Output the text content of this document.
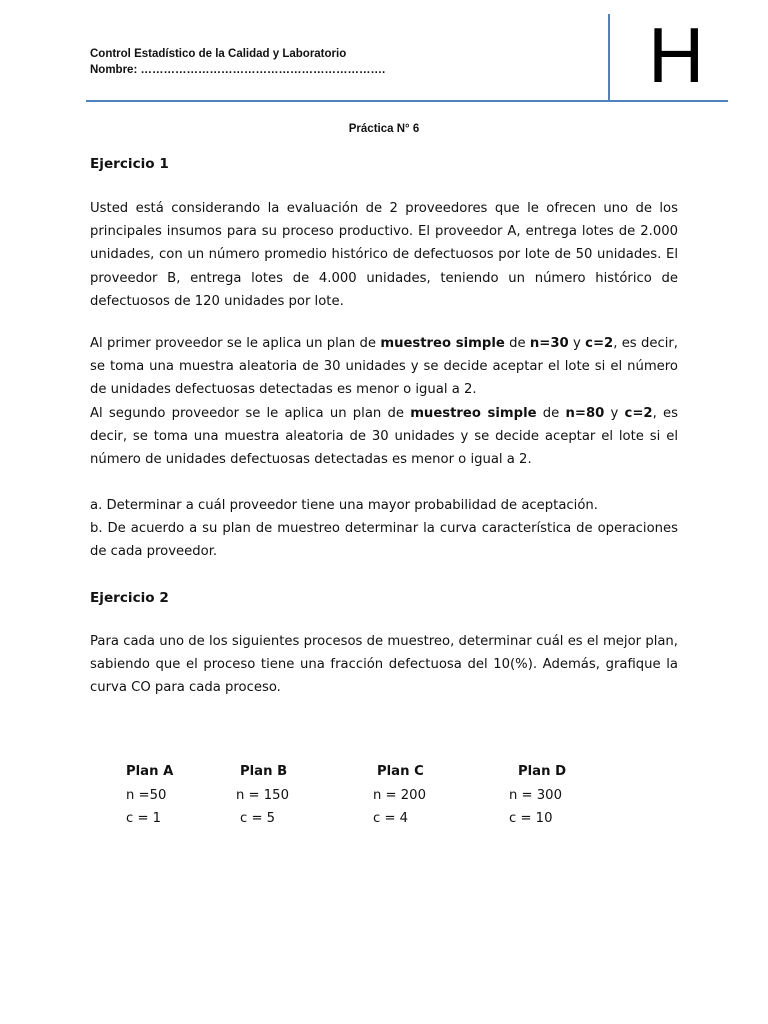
Control Estadístico de la Calidad y Laboratorio
Nombre: ……………………………………………………….	H
Práctica N° 6
Ejercicio 1

Usted está considerando la evaluación de 2 proveedores que le ofrecen uno de los principales insumos para su proceso productivo. El proveedor A, entrega lotes de 2.000 unidades, con un número promedio histórico de defectuosos por lote de 50 unidades. El proveedor B, entrega lotes de 4.000 unidades, teniendo un número histórico de defectuosos de 120 unidades por lote.

Al primer proveedor se le aplica un plan de muestreo simple de n=30 y c=2, es decir, se toma una muestra aleatoria de 30 unidades y se decide aceptar el lote si el número de unidades defectuosas detectadas es menor o igual a 2.

Al segundo proveedor se le aplica un plan de muestreo simple de n=80 y c=2, es decir, se toma una muestra aleatoria de 30 unidades y se decide aceptar el lote si el número de unidades defectuosas detectadas es menor o igual a 2.

a. Determinar a cuál proveedor tiene una mayor probabilidad de aceptación.

b. De acuerdo a su plan de muestreo determinar la curva característica de operaciones de cada proveedor.

Ejercicio 2

Para cada uno de los siguientes procesos de muestreo, determinar cuál es el mejor plan, sabiendo que el proceso tiene una fracción defectuosa del 10(%). Además, grafique la curva CO para cada proceso.

Plan A
n =50
c = 1
Plan B
n = 150
c = 5
Plan C
n = 200
c = 4
Plan D
n = 300
c = 10
